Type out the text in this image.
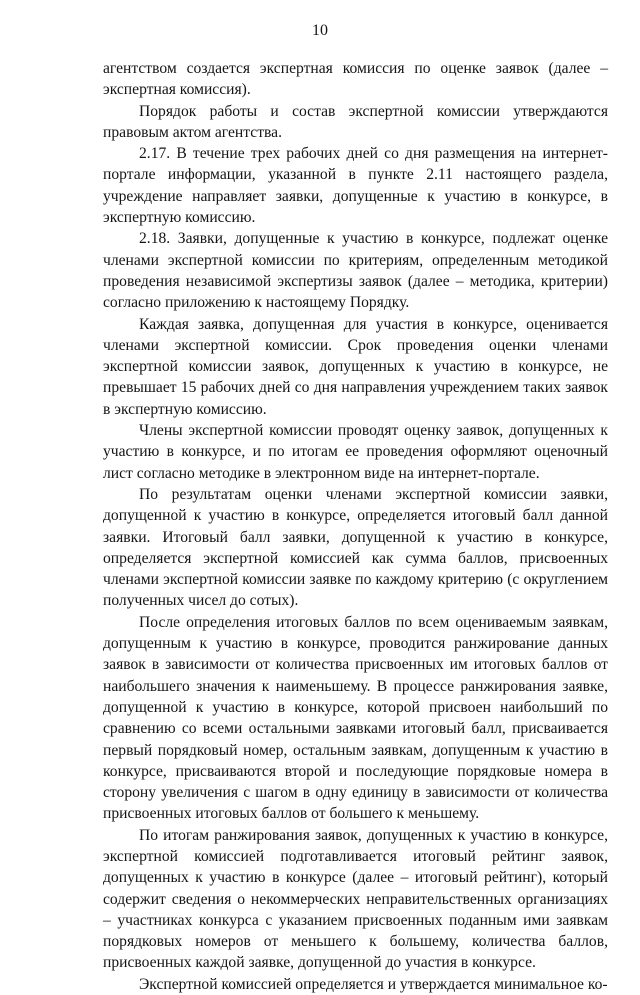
10

агентством создается экспертная комиссия по оценке заявок (далее – экспертная комиссия).

Порядок работы и состав экспертной комиссии утверждаются правовым актом агентства.

2.17. В течение трех рабочих дней со дня размещения на интернет-портале информации, указанной в пункте 2.11 настоящего раздела, учреждение направляет заявки, допущенные к участию в конкурсе, в экспертную комиссию.

2.18. Заявки, допущенные к участию в конкурсе, подлежат оценке членами экспертной комиссии по критериям, определенным методикой проведения независимой экспертизы заявок (далее – методика, критерии) согласно приложению к настоящему Порядку.

Каждая заявка, допущенная для участия в конкурсе, оценивается членами экспертной комиссии. Срок проведения оценки членами экспертной комиссии заявок, допущенных к участию в конкурсе, не превышает 15 рабочих дней со дня направления учреждением таких заявок в экспертную комиссию.

Члены экспертной комиссии проводят оценку заявок, допущенных к участию в конкурсе, и по итогам ее проведения оформляют оценочный лист согласно методике в электронном виде на интернет-портале.

По результатам оценки членами экспертной комиссии заявки, допущенной к участию в конкурсе, определяется итоговый балл данной заявки. Итоговый балл заявки, допущенной к участию в конкурсе, определяется экспертной комиссией как сумма баллов, присвоенных членами экспертной комиссии заявке по каждому критерию (с округлением полученных чисел до сотых).

После определения итоговых баллов по всем оцениваемым заявкам, допущенным к участию в конкурсе, проводится ранжирование данных заявок в зависимости от количества присвоенных им итоговых баллов от наибольшего значения к наименьшему. В процессе ранжирования заявке, допущенной к участию в конкурсе, которой присвоен наибольший по сравнению со всеми остальными заявками итоговый балл, присваивается первый порядковый номер, остальным заявкам, допущенным к участию в конкурсе, присваиваются второй и последующие порядковые номера в сторону увеличения с шагом в одну единицу в зависимости от количества присвоенных итоговых баллов от большего к меньшему.

По итогам ранжирования заявок, допущенных к участию в конкурсе, экспертной комиссией подготавливается итоговый рейтинг заявок, допущенных к участию в конкурсе (далее – итоговый рейтинг), который содержит сведения о некоммерческих неправительственных организациях – участниках конкурса с указанием присвоенных поданным ими заявкам порядковых номеров от меньшего к большему, количества баллов, присвоенных каждой заявке, допущенной до участия в конкурсе.

Экспертной комиссией определяется и утверждается минимальное ко-
